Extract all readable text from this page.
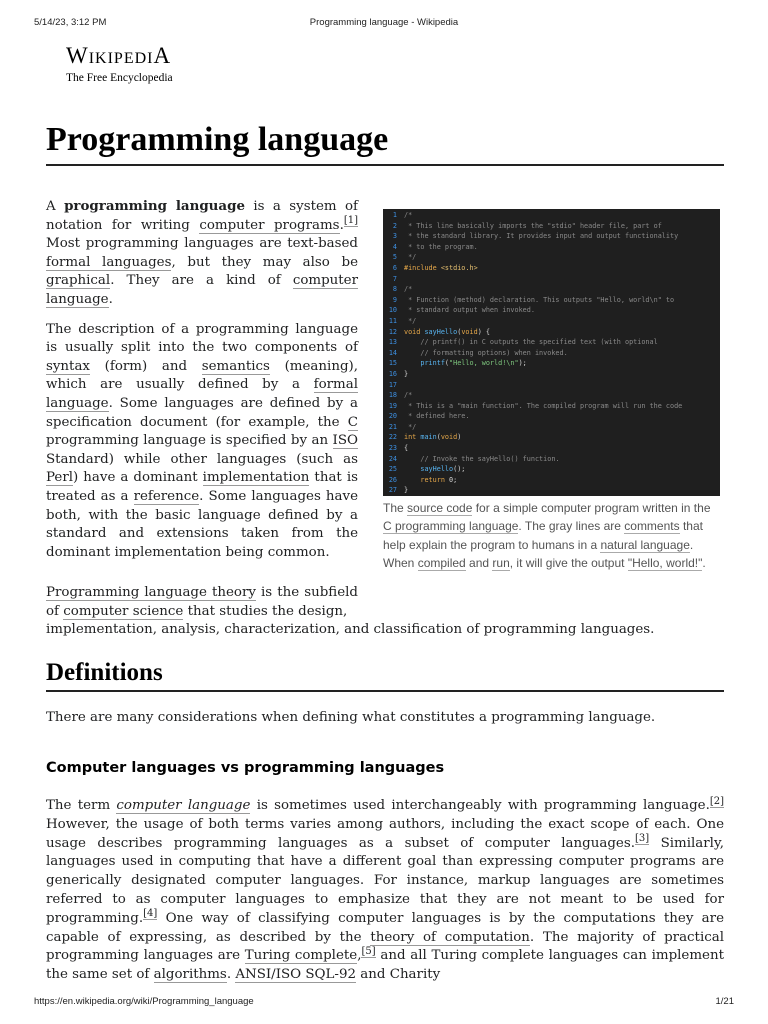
5/14/23, 3:12 PM	Programming language - Wikipedia
WIKIPEDIA
The Free Encyclopedia
Programming language

A programming language is a system of notation for writing computer programs.[1] Most programming languages are text-based formal languages, but they may also be graphical. They are a kind of computer language.

The description of a programming language is usually split into the two components of syntax (form) and semantics (meaning), which are usually defined by a formal language. Some languages are defined by a specification document (for example, the C programming language is specified by an ISO Standard) while other languages (such as Perl) have a dominant implementation that is treated as a reference. Some languages have both, with the basic language defined by a standard and extensions taken from the dominant implementation being common.

1 /*
2 * This line basically imports the "stdio" header file, part of
3 * the standard library. It provides input and output functionality
4 * to the program.
5 */
6 #include <stdio.h>
7
8 /*
9 * Function (method) declaration. This outputs "Hello, world\n" to
10 * standard output when invoked.
11 */
12 void sayHello(void) {
13    // printf() in C outputs the specified text (with optional
14    // formatting options) when invoked.
15    printf("Hello, world!\n");
16 }
17
18 /*
19 * This is a "main function". The compiled program will run the code
20 * defined here.
21 */
22 int main(void)
23 {
24    // Invoke the sayHello() function.
25    sayHello();
26    return 0;
27 }
The source code for a simple computer program written in the C programming language. The gray lines are comments that help explain the program to humans in a natural language. When compiled and run, it will give the output "Hello, world!".
Programming language theory is the subfield of computer science that studies the design,
implementation, analysis, characterization, and classification of programming languages.
Definitions

There are many considerations when defining what constitutes a programming language.

Computer languages vs programming languages

The term computer language is sometimes used interchangeably with programming language.[2] However, the usage of both terms varies among authors, including the exact scope of each. One usage describes programming languages as a subset of computer languages.[3] Similarly, languages used in computing that have a different goal than expressing computer programs are generically designated computer languages. For instance, markup languages are sometimes referred to as computer languages to emphasize that they are not meant to be used for programming.[4] One way of classifying computer languages is by the computations they are capable of expressing, as described by the theory of computation. The majority of practical programming languages are Turing complete,[5] and all Turing complete languages can implement the same set of algorithms. ANSI/ISO SQL-92 and Charity

https://en.wikipedia.org/wiki/Programming_language	1/21
